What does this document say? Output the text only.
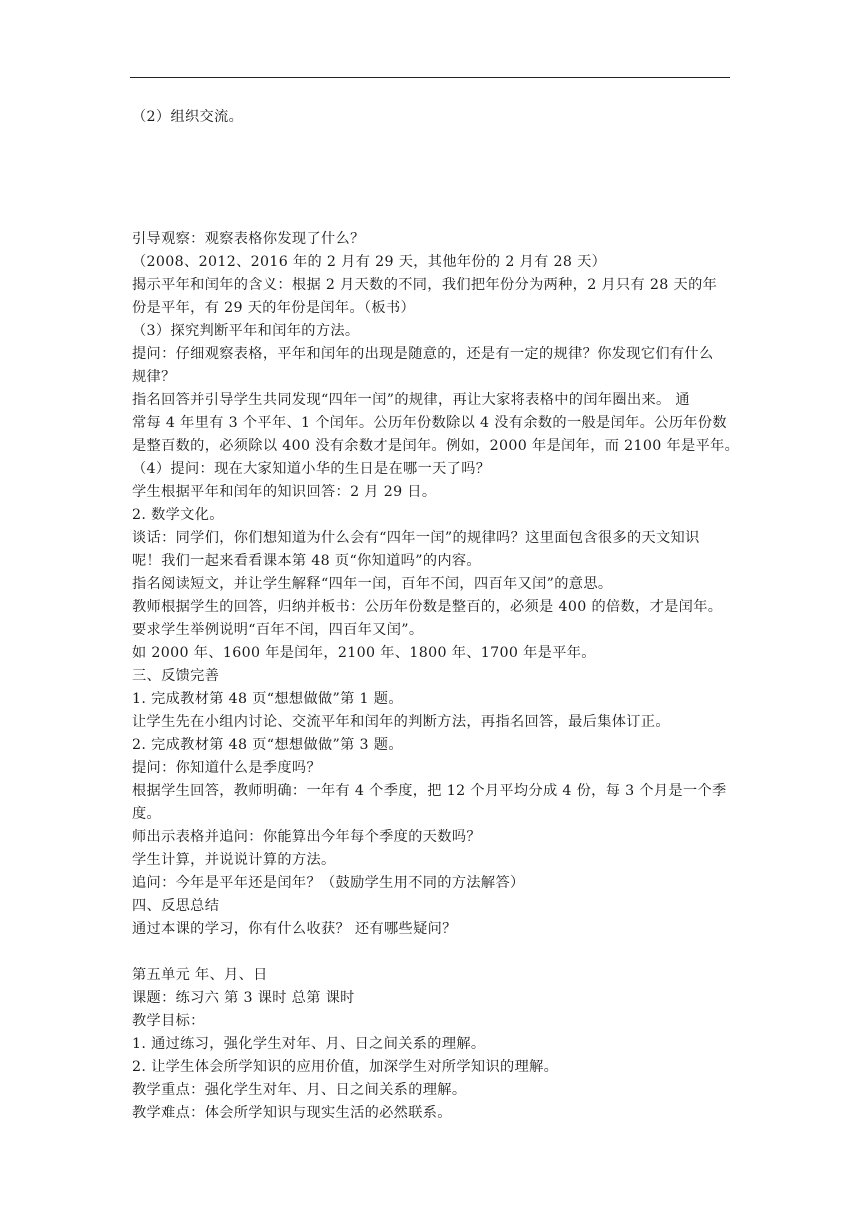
（2）组织交流。
引导观察：观察表格你发现了什么？
（2008、2012、2016 年的 2 月有 29 天，其他年份的 2 月有 28 天）
揭示平年和闰年的含义：根据 2 月天数的不同，我们把年份分为两种，2 月只有 28 天的年
份是平年，有 29 天的年份是闰年。（板书）
（3）探究判断平年和闰年的方法。
提问：仔细观察表格，平年和闰年的出现是随意的，还是有一定的规律？你发现它们有什么
规律？
指名回答并引导学生共同发现“四年一闰”的规律，再让大家将表格中的闰年圈出来。 通
常每 4 年里有 3 个平年、1 个闰年。公历年份数除以 4 没有余数的一般是闰年。公历年份数
是整百数的，必须除以 400 没有余数才是闰年。例如，2000 年是闰年，而 2100 年是平年。
（4）提问：现在大家知道小华的生日是在哪一天了吗？
学生根据平年和闰年的知识回答：2 月 29 日。
2. 数学文化。
谈话：同学们，你们想知道为什么会有“四年一闰”的规律吗？这里面包含很多的天文知识
呢！我们一起来看看课本第 48 页“你知道吗”的内容。
指名阅读短文，并让学生解释“四年一闰，百年不闰，四百年又闰”的意思。
教师根据学生的回答，归纳并板书：公历年份数是整百的，必须是 400 的倍数，才是闰年。
要求学生举例说明“百年不闰，四百年又闰”。
如 2000 年、1600 年是闰年，2100 年、1800 年、1700 年是平年。
三、反馈完善
1. 完成教材第 48 页“想想做做”第 1 题。
让学生先在小组内讨论、交流平年和闰年的判断方法，再指名回答，最后集体订正。
2. 完成教材第 48 页“想想做做”第 3 题。
提问：你知道什么是季度吗？
根据学生回答，教师明确：一年有 4 个季度，把 12 个月平均分成 4 份，每 3 个月是一个季
度。
师出示表格并追问：你能算出今年每个季度的天数吗？
学生计算，并说说计算的方法。
追问：今年是平年还是闰年？（鼓励学生用不同的方法解答）
四、反思总结
通过本课的学习，你有什么收获？ 还有哪些疑问？
第五单元 年、月、日
课题：练习六 第 3 课时 总第 课时
教学目标：
1. 通过练习，强化学生对年、月、日之间关系的理解。
2. 让学生体会所学知识的应用价值，加深学生对所学知识的理解。
教学重点：强化学生对年、月、日之间关系的理解。
教学难点：体会所学知识与现实生活的必然联系。
